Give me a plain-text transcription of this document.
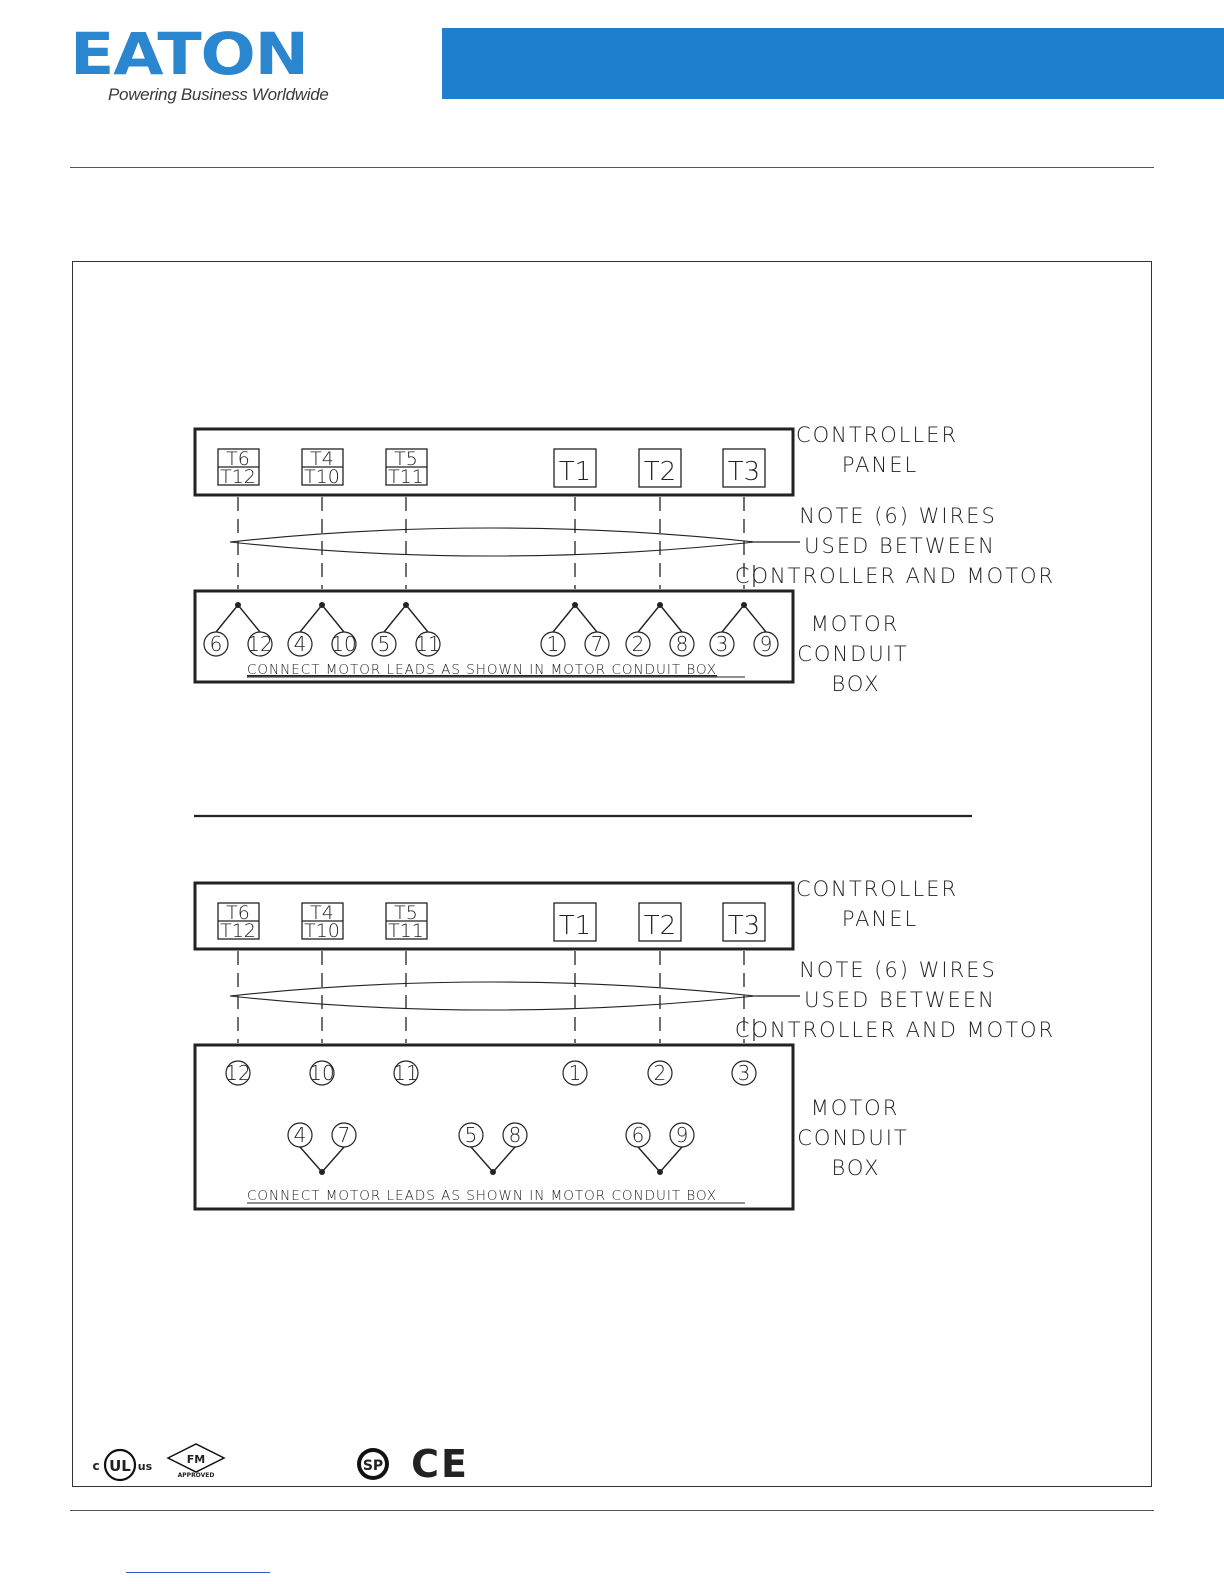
EATON
Powering Business Worldwide
c UL us
FM
APPROVED
SP CE
T6
T12
T4
T10
T5
T11	T1 T2 T3
CONTROLLER
PANEL
NOTE (6) WIRES
USED BETWEEN
CONTROLLER AND MOTOR
6 12 4 10 5 11	1 7 2 8 3 9
CONNECT MOTOR LEADS AS SHOWN IN MOTOR CONDUIT BOX
MOTOR
CONDUIT
BOX
T6
T12
T4
T10
T5
T11	T1 T2 T3
CONTROLLER
PANEL
NOTE (6) WIRES
USED BETWEEN
CONTROLLER AND MOTOR
12	10	11	1	2	3
4 7	5 8	6 9
CONNECT MOTOR LEADS AS SHOWN IN MOTOR CONDUIT BOX
MOTOR
CONDUIT
BOX
